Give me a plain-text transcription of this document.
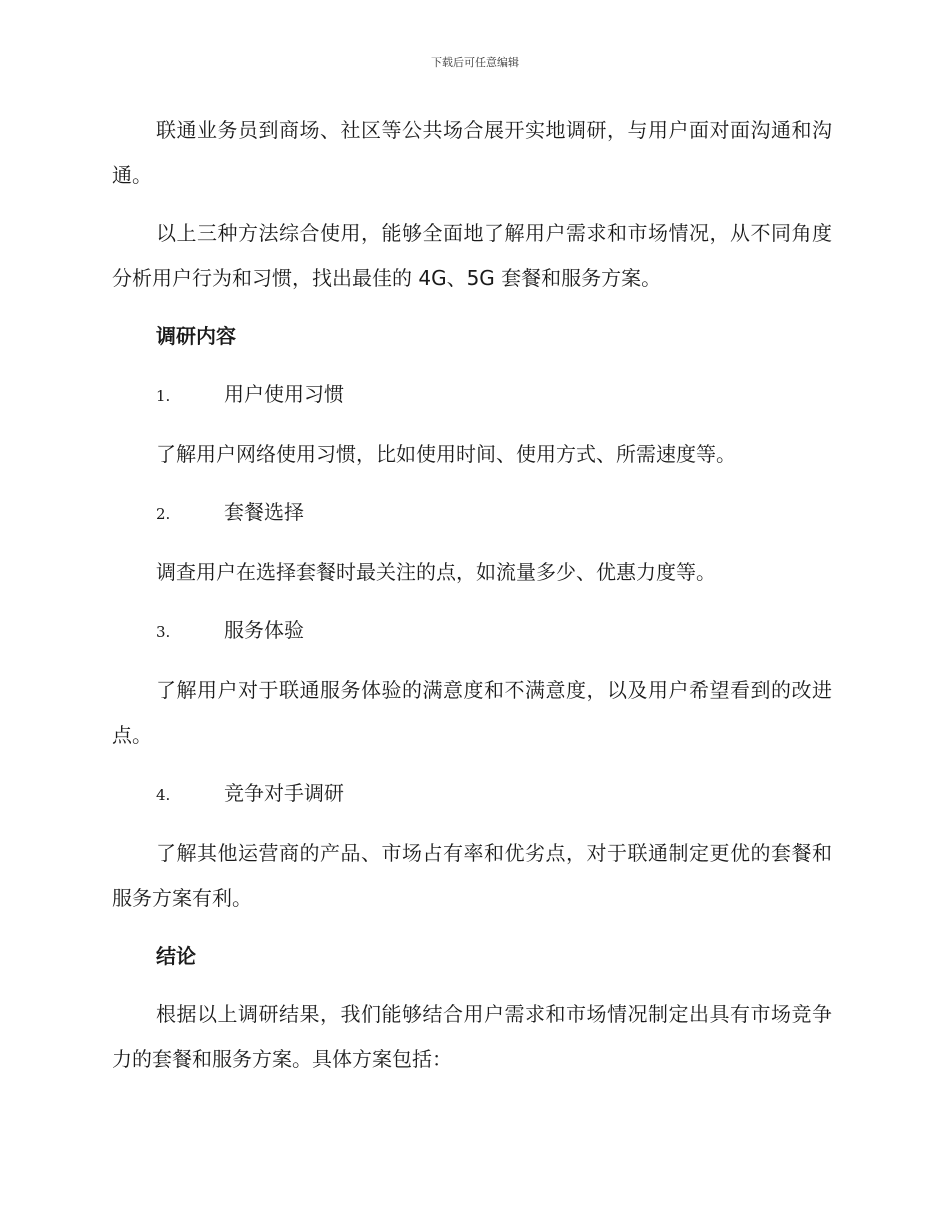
下载后可任意编辑

联通业务员到商场、社区等公共场合展开实地调研，与用户面对面沟通和沟通。

以上三种方法综合使用，能够全面地了解用户需求和市场情况，从不同角度分析用户行为和习惯，找出最佳的 4G、5G 套餐和服务方案。

调研内容
1.	用户使用习惯

了解用户网络使用习惯，比如使用时间、使用方式、所需速度等。

2.	套餐选择

调查用户在选择套餐时最关注的点，如流量多少、优惠力度等。

3.	服务体验

了解用户对于联通服务体验的满意度和不满意度，以及用户希望看到的改进点。

4.	竞争对手调研

了解其他运营商的产品、市场占有率和优劣点，对于联通制定更优的套餐和服务方案有利。

结论

根据以上调研结果，我们能够结合用户需求和市场情况制定出具有市场竞争力的套餐和服务方案。具体方案包括：
